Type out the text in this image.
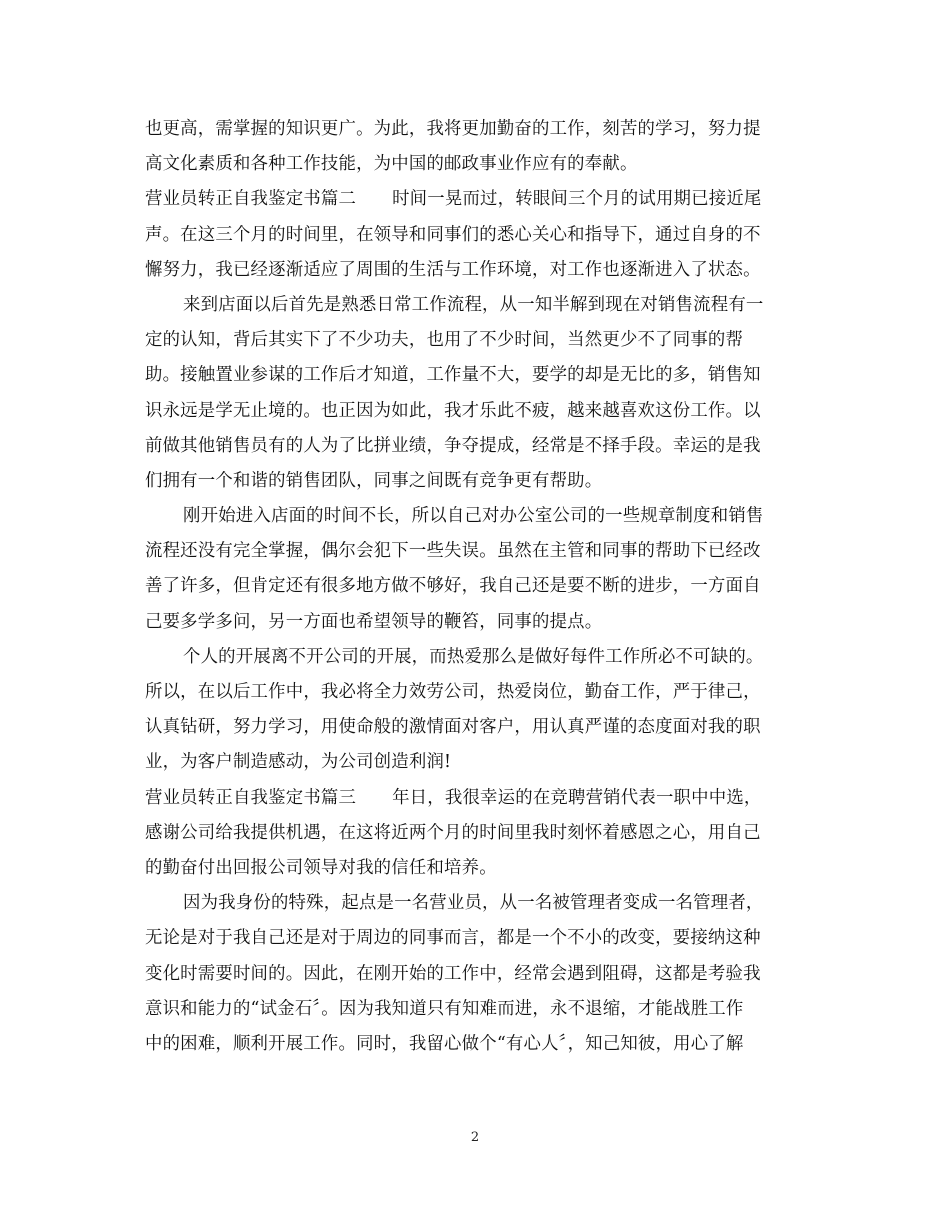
也更高，需掌握的知识更广。为此，我将更加勤奋的工作，刻苦的学习，努力提
高文化素质和各种工作技能，为中国的邮政事业作应有的奉献。
营业员转正自我鉴定书篇二 时间一晃而过，转眼间三个月的试用期已接近尾
声。在这三个月的时间里，在领导和同事们的悉心关心和指导下，通过自身的不
懈努力，我已经逐渐适应了周围的生活与工作环境，对工作也逐渐进入了状态。
来到店面以后首先是熟悉日常工作流程，从一知半解到现在对销售流程有一
定的认知，背后其实下了不少功夫，也用了不少时间，当然更少不了同事的帮
助。接触置业参谋的工作后才知道，工作量不大，要学的却是无比的多，销售知
识永远是学无止境的。也正因为如此，我才乐此不疲，越来越喜欢这份工作。以
前做其他销售员有的人为了比拼业绩，争夺提成，经常是不择手段。幸运的是我
们拥有一个和谐的销售团队，同事之间既有竞争更有帮助。
刚开始进入店面的时间不长，所以自己对办公室公司的一些规章制度和销售
流程还没有完全掌握，偶尔会犯下一些失误。虽然在主管和同事的帮助下已经改
善了许多，但肯定还有很多地方做不够好，我自己还是要不断的进步，一方面自
己要多学多问，另一方面也希望领导的鞭笞，同事的提点。
个人的开展离不开公司的开展，而热爱那么是做好每件工作所必不可缺的。
所以，在以后工作中，我必将全力效劳公司，热爱岗位，勤奋工作，严于律己，
认真钻研，努力学习，用使命般的激情面对客户，用认真严谨的态度面对我的职
业，为客户制造感动，为公司创造利润!
营业员转正自我鉴定书篇三 年日，我很幸运的在竞聘营销代表一职中中选，
感谢公司给我提供机遇，在这将近两个月的时间里我时刻怀着感恩之心，用自己
的勤奋付出回报公司领导对我的信任和培养。
因为我身份的特殊，起点是一名营业员，从一名被管理者变成一名管理者，
无论是对于我自己还是对于周边的同事而言，都是一个不小的改变，要接纳这种
变化时需要时间的。因此，在刚开始的工作中，经常会遇到阻碍，这都是考验我
意识和能力的“试金石〞。因为我知道只有知难而进，永不退缩，才能战胜工作
中的困难，顺利开展工作。同时，我留心做个“有心人〞，知己知彼，用心了解
2
